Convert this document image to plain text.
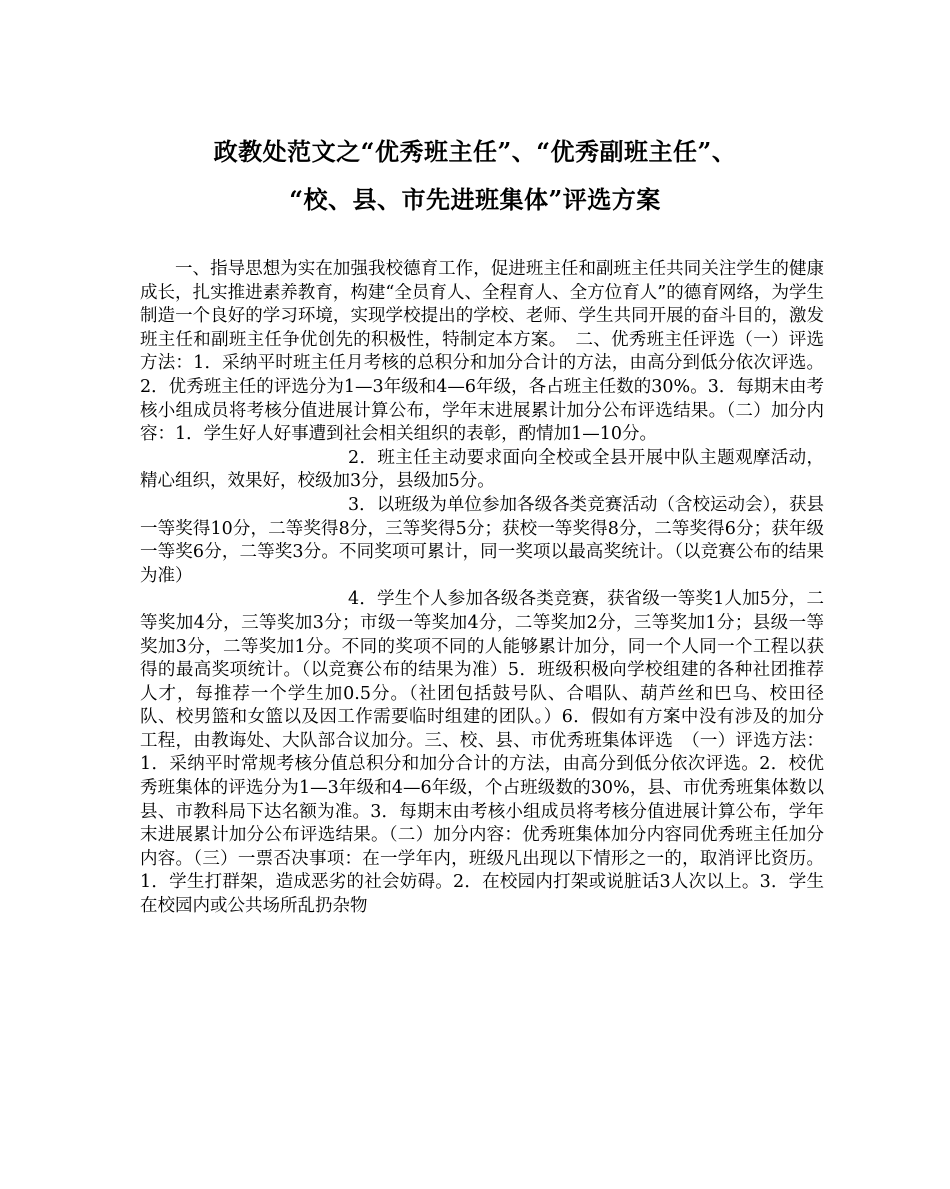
政教处范文之“优秀班主任”、“优秀副班主任”、
“校、县、市先进班集体”评选方案

一、指导思想为实在加强我校德育工作，促进班主任和副班主任共同关注学生的健康成长，扎实推进素养教育，构建“全员育人、全程育人、全方位育人”的德育网络，为学生制造一个良好的学习环境，实现学校提出的学校、老师、学生共同开展的奋斗目的，激发班主任和副班主任争优创先的积极性，特制定本方案。　二、优秀班主任评选（一）评选方法：1．采纳平时班主任月考核的总积分和加分合计的方法，由高分到低分依次评选。2．优秀班主任的评选分为1—3年级和4—6年级，各占班主任数的30%。3．每期末由考核小组成员将考核分值进展计算公布，学年末进展累计加分公布评选结果。（二）加分内容：1．学生好人好事遭到社会相关组织的表彰，酌情加1—10分。

2．班主任主动要求面向全校或全县开展中队主题观摩活动，精心组织，效果好，校级加3分，县级加5分。

3．以班级为单位参加各级各类竞赛活动（含校运动会），获县一等奖得10分，二等奖得8分，三等奖得5分；获校一等奖得8分，二等奖得6分；获年级一等奖6分，二等奖3分。不同奖项可累计，同一奖项以最高奖统计。（以竞赛公布的结果为准）

4．学生个人参加各级各类竞赛，获省级一等奖1人加5分，二等奖加4分，三等奖加3分；市级一等奖加4分，二等奖加2分，三等奖加1分；县级一等奖加3分，二等奖加1分。不同的奖项不同的人能够累计加分，同一个人同一个工程以获得的最高奖项统计。（以竞赛公布的结果为准）5．班级积极向学校组建的各种社团推荐人才，每推荐一个学生加0.5分。（社团包括鼓号队、合唱队、葫芦丝和巴乌、校田径队、校男篮和女篮以及因工作需要临时组建的团队。）6．假如有方案中没有涉及的加分工程，由教诲处、大队部合议加分。三、校、县、市优秀班集体评选　（一）评选方法：1．采纳平时常规考核分值总积分和加分合计的方法，由高分到低分依次评选。2．校优秀班集体的评选分为1—3年级和4—6年级，个占班级数的30%，县、市优秀班集体数以县、市教科局下达名额为准。3．每期末由考核小组成员将考核分值进展计算公布，学年末进展累计加分公布评选结果。（二）加分内容：优秀班集体加分内容同优秀班主任加分内容。（三）一票否决事项：在一学年内，班级凡出现以下情形之一的，取消评比资历。1．学生打群架，造成恶劣的社会妨碍。2．在校园内打架或说脏话3人次以上。3．学生在校园内或公共场所乱扔杂物
